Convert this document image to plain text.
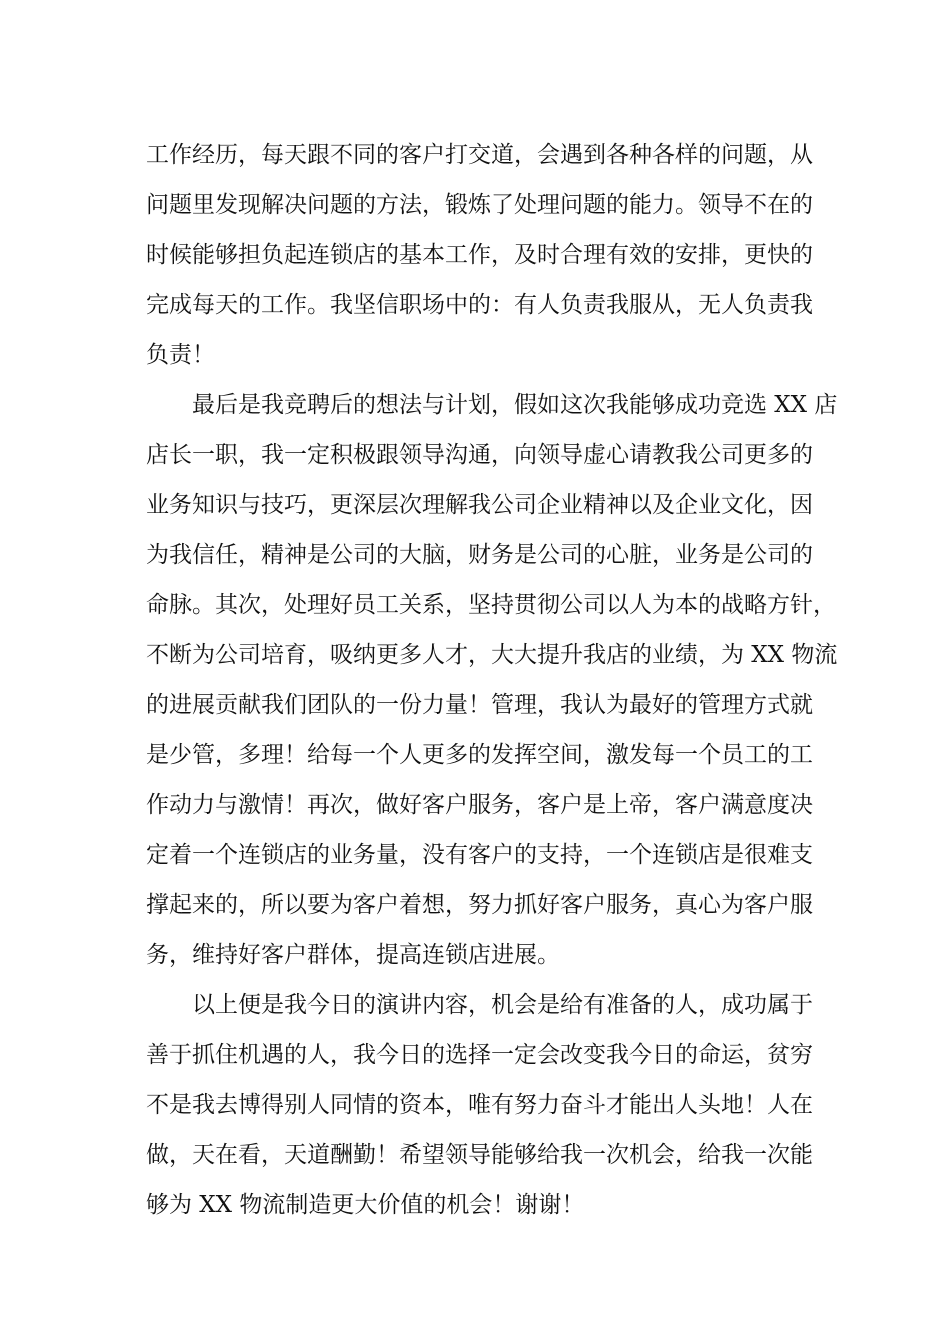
工作经历，每天跟不同的客户打交道，会遇到各种各样的问题，从
问题里发现解决问题的方法，锻炼了处理问题的能力。领导不在的
时候能够担负起连锁店的基本工作，及时合理有效的安排，更快的
完成每天的工作。我坚信职场中的：有人负责我服从，无人负责我
负责！
最后是我竞聘后的想法与计划，假如这次我能够成功竞选 XX 店
店长一职，我一定积极跟领导沟通，向领导虚心请教我公司更多的
业务知识与技巧，更深层次理解我公司企业精神以及企业文化，因
为我信任，精神是公司的大脑，财务是公司的心脏，业务是公司的
命脉。其次，处理好员工关系，坚持贯彻公司以人为本的战略方针，
不断为公司培育，吸纳更多人才，大大提升我店的业绩，为 XX 物流
的进展贡献我们团队的一份力量！管理，我认为最好的管理方式就
是少管，多理！给每一个人更多的发挥空间，激发每一个员工的工
作动力与激情！再次，做好客户服务，客户是上帝，客户满意度决
定着一个连锁店的业务量，没有客户的支持，一个连锁店是很难支
撑起来的，所以要为客户着想，努力抓好客户服务，真心为客户服
务，维持好客户群体，提高连锁店进展。
以上便是我今日的演讲内容，机会是给有准备的人，成功属于
善于抓住机遇的人，我今日的选择一定会改变我今日的命运，贫穷
不是我去博得别人同情的资本，唯有努力奋斗才能出人头地！人在
做，天在看，天道酬勤！希望领导能够给我一次机会，给我一次能
够为 XX 物流制造更大价值的机会！谢谢！
